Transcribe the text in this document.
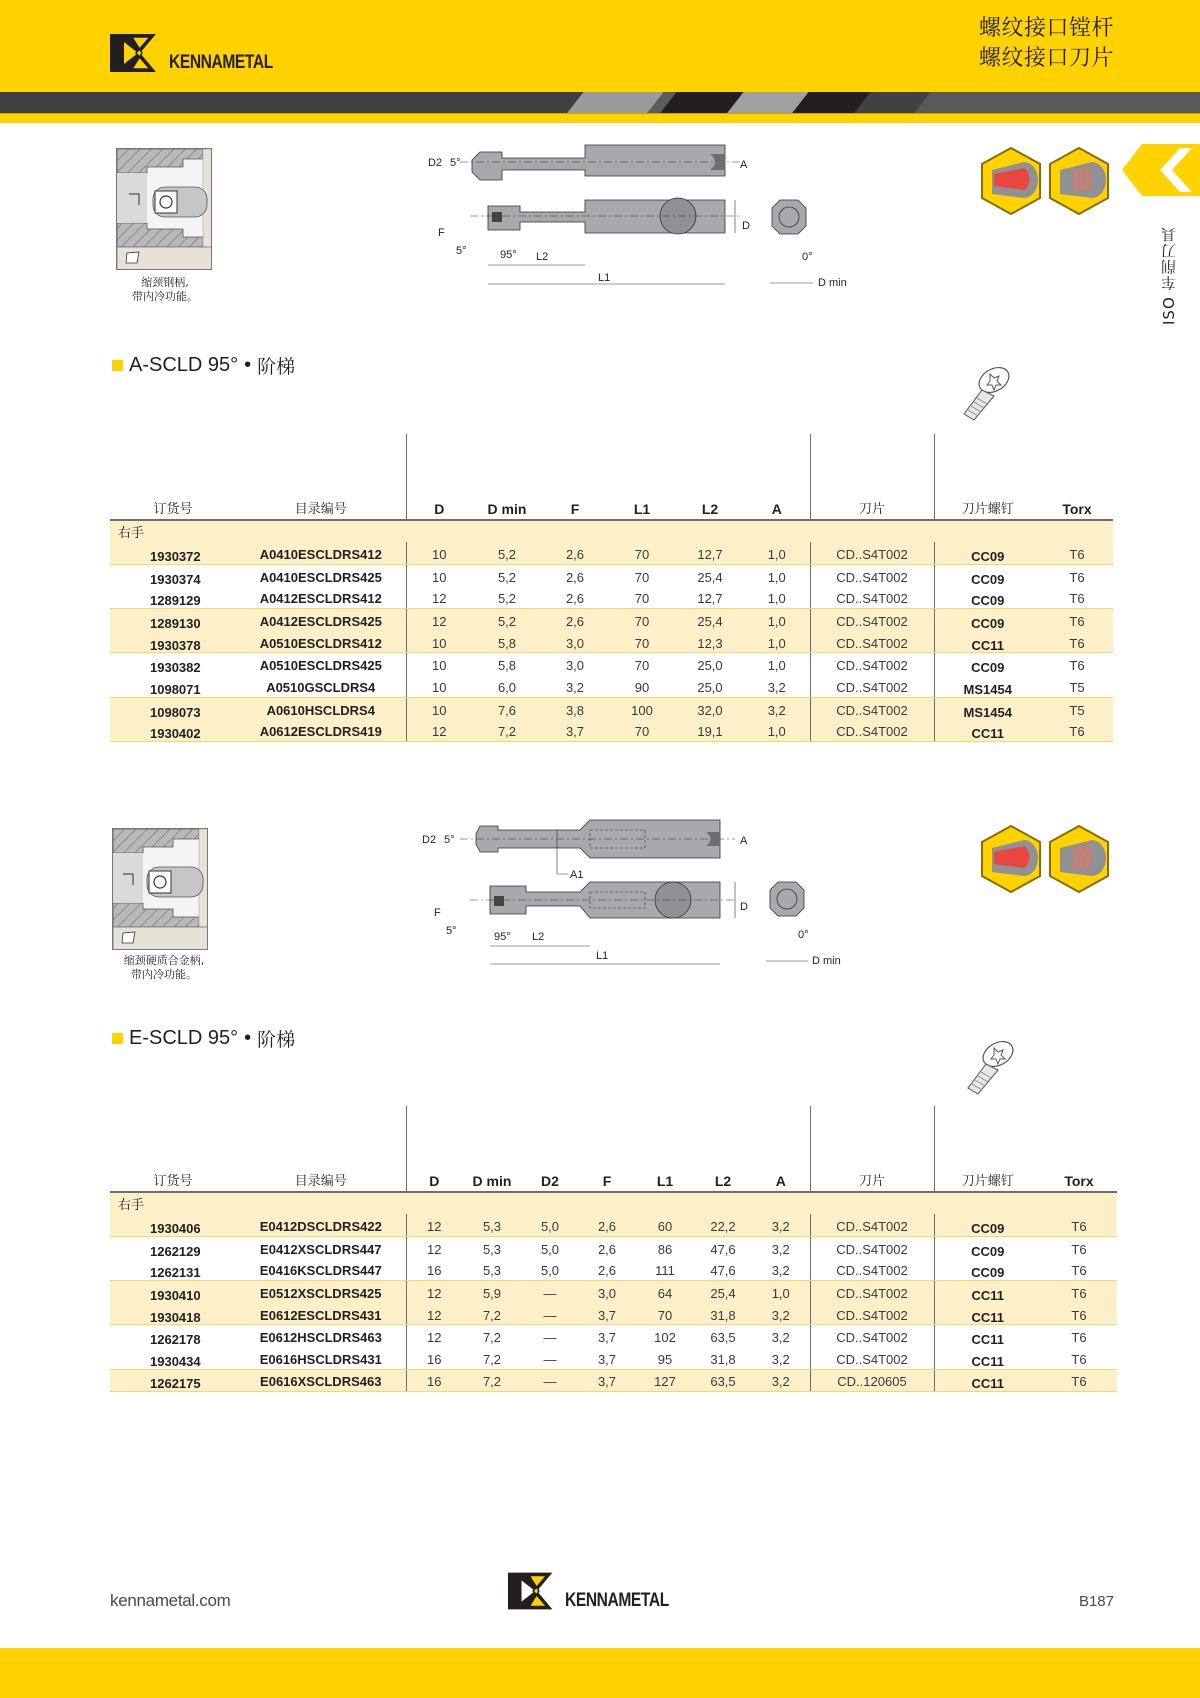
KENNAMETAL
螺纹接口镗杆
螺纹接口刀片
ISO 车削刀具
缩颈钢柄,
带内冷功能。
D2 5°	A
F
5°	95° L2
L1
D
0°
D min
A-SCLD 95° • 阶梯
订货号	目录编号	D	D min	F	L1	L2	A	刀片	刀片螺钉	Torx
右手										
1930372	A0410ESCLDRS412	10	5,2	2,6	70	12,7	1,0	CD..S4T002	CC09	T6
1930374	A0410ESCLDRS425	10	5,2	2,6	70	25,4	1,0	CD..S4T002	CC09	T6
1289129	A0412ESCLDRS412	12	5,2	2,6	70	12,7	1,0	CD..S4T002	CC09	T6
1289130	A0412ESCLDRS425	12	5,2	2,6	70	25,4	1,0	CD..S4T002	CC09	T6
1930378	A0510ESCLDRS412	10	5,8	3,0	70	12,3	1,0	CD..S4T002	CC11	T6
1930382	A0510ESCLDRS425	10	5,8	3,0	70	25,0	1,0	CD..S4T002	CC09	T6
1098071	A0510GSCLDRS4	10	6,0	3,2	90	25,0	3,2	CD..S4T002	MS1454	T5
1098073	A0610HSCLDRS4	10	7,6	3,8	100	32,0	3,2	CD..S4T002	MS1454	T5
1930402	A0612ESCLDRS419	12	7,2	3,7	70	19,1	1,0	CD..S4T002	CC11	T6
缩颈硬质合金柄,
带内冷功能。
D2 5°	A
A1
F
5°	95° L2
L1
D
0°
D min
E-SCLD 95° • 阶梯
订货号	目录编号	D	D min	D2	F	L1	L2	A	刀片	刀片螺钉	Torx
右手											
1930406	E0412DSCLDRS422	12	5,3	5,0	2,6	60	22,2	3,2	CD..S4T002	CC09	T6
1262129	E0412XSCLDRS447	12	5,3	5,0	2,6	86	47,6	3,2	CD..S4T002	CC09	T6
1262131	E0416KSCLDRS447	16	5,3	5,0	2,6	111	47,6	3,2	CD..S4T002	CC09	T6
1930410	E0512XSCLDRS425	12	5,9	—	3,0	64	25,4	1,0	CD..S4T002	CC11	T6
1930418	E0612ESCLDRS431	12	7,2	—	3,7	70	31,8	3,2	CD..S4T002	CC11	T6
1262178	E0612HSCLDRS463	12	7,2	—	3,7	102	63,5	3,2	CD..S4T002	CC11	T6
1930434	E0616HSCLDRS431	16	7,2	—	3,7	95	31,8	3,2	CD..S4T002	CC11	T6
1262175	E0616XSCLDRS463	16	7,2	—	3,7	127	63,5	3,2	CD..120605	CC11	T6
kennametal.com	KENNAMETAL	B187
